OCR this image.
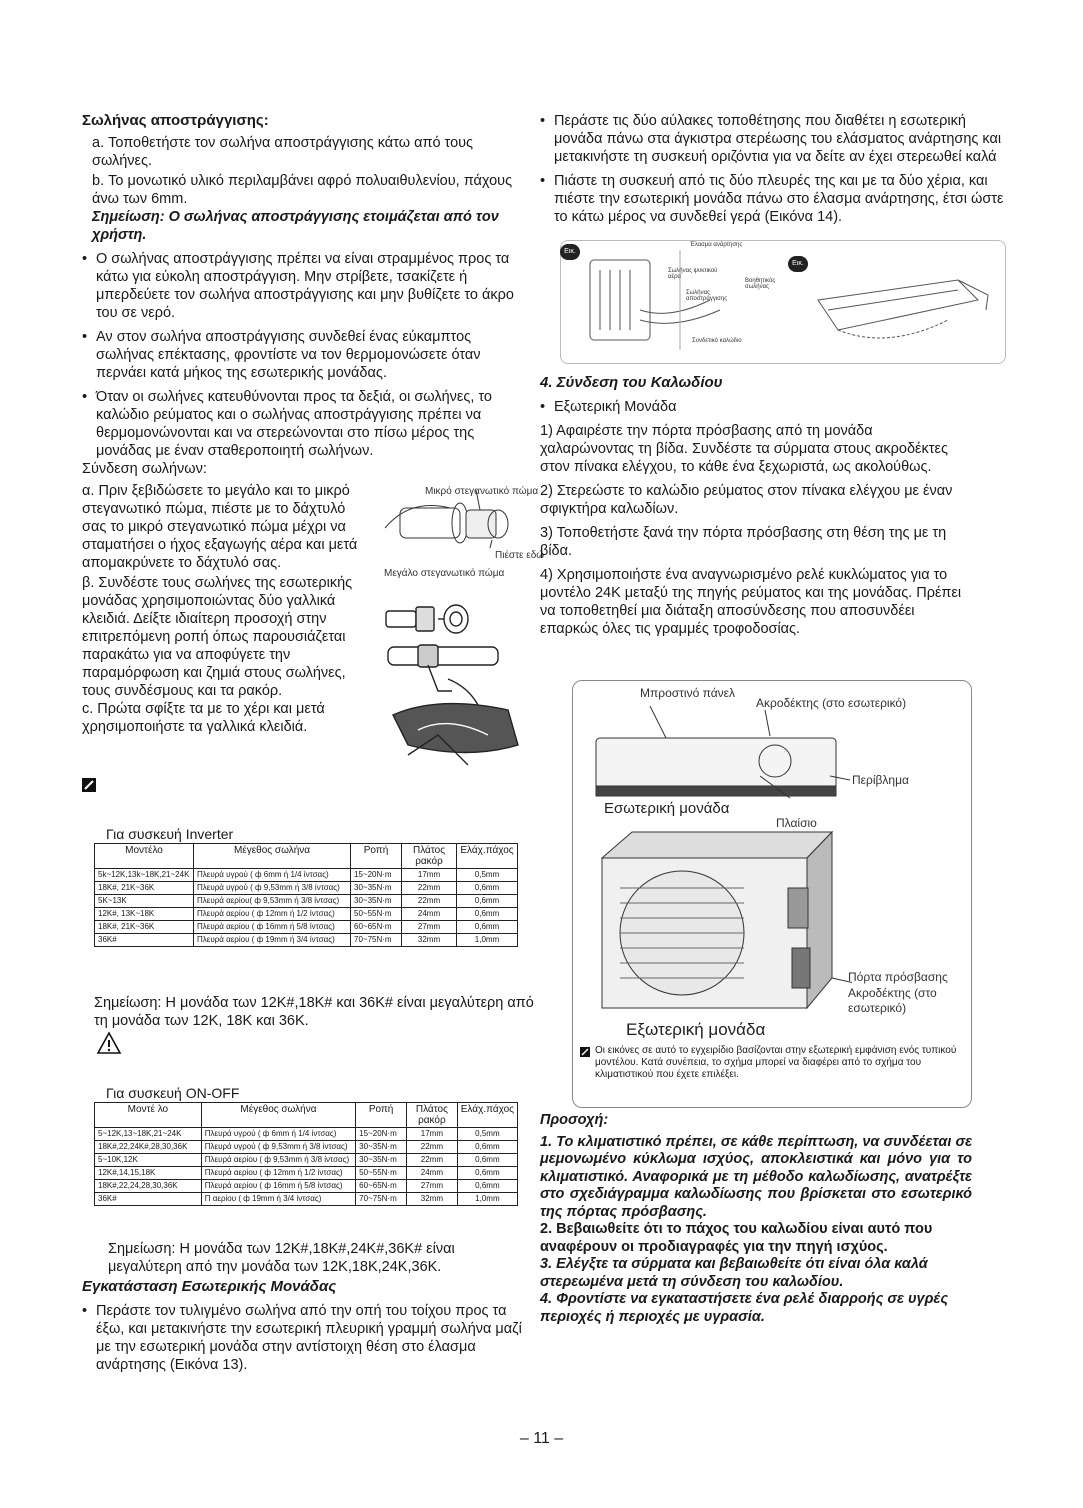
Σωλήνας αποστράγγισης:

a. Τοποθετήστε τον σωλήνα αποστράγγισης κάτω από τους σωλήνες.

b. Το μονωτικό υλικό περιλαμβάνει αφρό πολυαιθυλενίου, πάχους άνω των 6mm.

Σημείωση: Ο σωλήνας αποστράγγισης ετοιμάζεται από τον χρήστη.

• Ο σωλήνας αποστράγγισης πρέπει να είναι στραμμένος προς τα κάτω για εύκολη αποστράγγιση. Μην στρίβετε, τσακίζετε ή μπερδεύετε τον σωλήνα αποστράγγισης και μην βυθίζετε το άκρο του σε νερό.

• Αν στον σωλήνα αποστράγγισης συνδεθεί ένας εύκαμπτος σωλήνας επέκτασης, φροντίστε να τον θερμομονώσετε όταν περνάει κατά μήκος της εσωτερικής μονάδας.

• Όταν οι σωλήνες κατευθύνονται προς τα δεξιά, οι σωλήνες, το καλώδιο ρεύματος και ο σωλήνας αποστράγγισης πρέπει να θερμομονώνονται και να στερεώνονται στο πίσω μέρος της μονάδας με έναν σταθεροποιητή σωλήνων.

Σύνδεση σωλήνων:

α. Πριν ξεβιδώσετε το μεγάλο και το μικρό στεγανωτικό πώμα, πιέστε με το δάχτυλό σας το μικρό στεγανωτικό πώμα μέχρι να σταματήσει ο ήχος εξαγωγής αέρα και μετά απομακρύνετε το δάχτυλό σας.

β. Συνδέστε τους σωλήνες της εσωτερικής μονάδας χρησιμοποιώντας δύο γαλλικά κλειδιά. Δείξτε ιδιαίτερη προσοχή στην επιτρεπόμενη ροπή όπως παρουσιάζεται παρακάτω για να αποφύγετε την παραμόρφωση και ζημιά στους σωλήνες, τους συνδέσμους και τα ρακόρ.

c. Πρώτα σφίξτε τα με το χέρι και μετά χρησιμοποιήστε τα γαλλικά κλειδιά.

Μικρό στεγανωτικό πώμα
Πιέστε εδώ
Μεγάλο στεγανωτικό πώμα
Για συσκευή Inverter
Μοντέλο	Μέγεθος σωλήνα	Ροπή	Πλάτος ρακόρ	Ελάχ.πάχος
5k~12K,13k~18K,21~24K	Πλευρά υγρού ( ф 6mm ή 1/4 ίντσας)	15~20N·m	17mm	0,5mm
18K#, 21K~36K	Πλευρά υγρού ( ф 9,53mm ή 3/8 ίντσας)	30~35N·m	22mm	0,6mm
5K~13K	Πλευρά αερίου( ф 9,53mm ή 3/8 ίντσας)	30~35N·m	22mm	0,6mm
12K#, 13K~18K	Πλευρά αερίου ( ф 12mm ή 1/2 ίντσας)	50~55N·m	24mm	0,6mm
18K#, 21K~36K	Πλευρά αερίου ( ф 16mm ή 5/8 ίντσας)	60~65N·m	27mm	0,6mm
36K#	Πλευρά αερίου ( ф 19mm ή 3/4 ίντσας)	70~75N·m	32mm	1,0mm

Σημείωση: Η μονάδα των 12K#,18K# και 36K# είναι μεγαλύτερη από τη μονάδα των 12K, 18K και 36K.

Για συσκευή ON-OFF
Μοντέ λο	Μέγεθος σωλήνα	Ροπή	Πλάτος ρακόρ	Ελάχ.πάχος
5~12K,13~18K,21~24K	Πλευρά υγρού ( ф 6mm ή 1/4 ίντσας)	15~20N·m	17mm	0,5mm
18K#,22,24K#,28,30,36K	Πλευρά υγρού ( ф 9,53mm ή 3/8 ίντσας)	30~35N·m	22mm	0,6mm
5~10K,12K	Πλευρά αερίου ( ф 9,53mm ή 3/8 ίντσας)	30~35N·m	22mm	0,6mm
12K#,14,15,18K	Πλευρά αερίου ( ф 12mm ή 1/2 ίντσας)	50~55N·m	24mm	0,6mm
18K#,22,24,28,30,36K	Πλευρά αερίου ( ф 16mm ή 5/8 ίντσας)	60~65N·m	27mm	0,6mm
36K#	Π αερίου ( ф 19mm ή 3/4 ίντσας)	70~75N·m	32mm	1,0mm

Σημείωση: Η μονάδα των 12K#,18K#,24K#,36K# είναι μεγαλύτερη από την μονάδα των 12K,18K,24K,36K.

Εγκατάσταση Εσωτερικής Μονάδας

• Περάστε τον τυλιγμένο σωλήνα από την οπή του τοίχου προς τα έξω, και μετακινήστε την εσωτερική πλευρική γραμμή σωλήνα μαζί με την εσωτερική μονάδα στην αντίστοιχη θέση στο έλασμα ανάρτησης (Εικόνα 13).

• Περάστε τις δύο αύλακες τοποθέτησης που διαθέτει η εσωτερική μονάδα πάνω στα άγκιστρα στερέωσης του ελάσματος ανάρτησης και μετακινήστε τη συσκευή οριζόντια για να δείτε αν έχει στερεωθεί καλά

• Πιάστε τη συσκευή από τις δύο πλευρές της και με τα δύο χέρια, και πιέστε την εσωτερική μονάδα πάνω στο έλασμα ανάρτησης, έτσι ώστε το κάτω μέρος να συνδεθεί γερά (Εικόνα 14).

Εικ. 13
Εικ. 14
Έλασμα ανάρτησης
Σωλήνας ψυκτικού αέρα
Σωλήνας αποστράγγισης
Βοηθητικός σωλήνας
Συνδετικό καλώδιο

4. Σύνδεση του Καλωδίου

• Εξωτερική Μονάδα

1) Αφαιρέστε την πόρτα πρόσβασης από τη μονάδα χαλαρώνοντας τη βίδα. Συνδέστε τα σύρματα στους ακροδέκτες στον πίνακα ελέγχου, το κάθε ένα ξεχωριστά, ως ακολούθως.

2) Στερεώστε το καλώδιο ρεύματος στον πίνακα ελέγχου με έναν σφιγκτήρα καλωδίων.

3) Τοποθετήστε ξανά την πόρτα πρόσβασης στη θέση της με τη βίδα.

4) Χρησιμοποιήστε ένα αναγνωρισμένο ρελέ κυκλώματος για το μοντέλο 24K μεταξύ της πηγής ρεύματος και της μονάδας. Πρέπει να τοποθετηθεί μια διάταξη αποσύνδεσης που αποσυνδέει επαρκώς όλες τις γραμμές τροφοδοσίας.

Μπροστινό πάνελ
Ακροδέκτης (στο εσωτερικό)
Περίβλημα
Εσωτερική μονάδα
Πλαίσιο
Πόρτα πρόσβασης
Ακροδέκτης (στο εσωτερικό)
Εξωτερική μονάδα

Οι εικόνες σε αυτό το εγχειρίδιο βασίζονται στην εξωτερική εμφάνιση ενός τυπικού μοντέλου. Κατά συνέπεια, το σχήμα μπορεί να διαφέρει από το σχήμα του κλιματιστικού που έχετε επιλέξει.

Προσοχή:

1. Το κλιματιστικό πρέπει, σε κάθε περίπτωση, να συνδέεται σε μεμονωμένο κύκλωμα ισχύος, αποκλειστικά και μόνο για το κλιματιστικό. Αναφορικά με τη μέθοδο καλωδίωσης, ανατρέξτε στο σχεδιάγραμμα καλωδίωσης που βρίσκεται στο εσωτερικό της πόρτας πρόσβασης.

2. Βεβαιωθείτε ότι το πάχος του καλωδίου είναι αυτό που αναφέρουν οι προδιαγραφές για την πηγή ισχύος.

3. Ελέγξτε τα σύρματα και βεβαιωθείτε ότι είναι όλα καλά στερεωμένα μετά τη σύνδεση του καλωδίου.

4. Φροντίστε να εγκαταστήσετε ένα ρελέ διαρροής σε υγρές περιοχές ή περιοχές με υγρασία.

– 11 –
